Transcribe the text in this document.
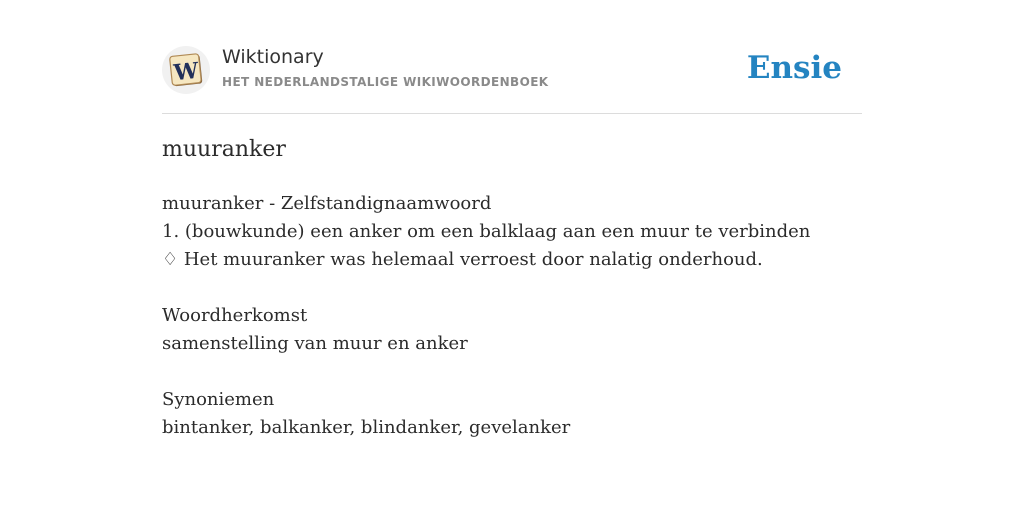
W
Wiktionary
HET NEDERLANDSTALIGE WIKIWOORDENBOEK	Ensie
muuranker
muuranker - Zelfstandignaamwoord
1. (bouwkunde) een anker om een balklaag aan een muur te verbinden
♢ Het muuranker was helemaal verroest door nalatig onderhoud.
Woordherkomst
samenstelling van muur en anker
Synoniemen
bintanker, balkanker, blindanker, gevelanker
